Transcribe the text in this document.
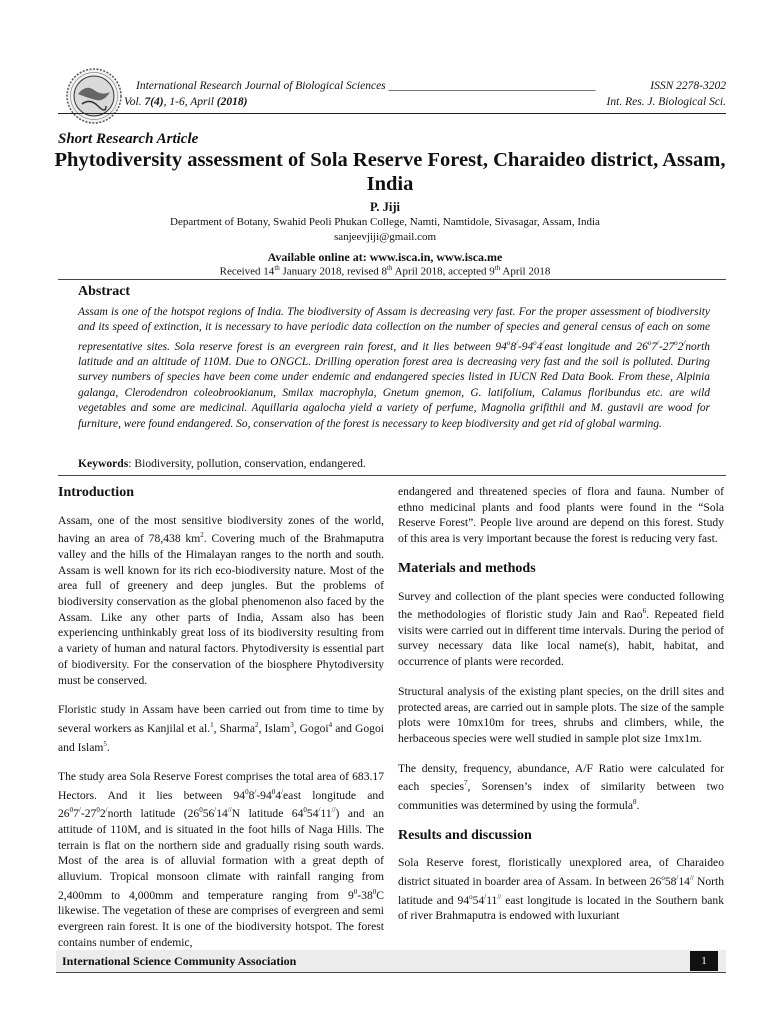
International Research Journal of Biological Sciences ____________________________________	ISSN 2278-3202
Vol. 7(4), 1-6, April (2018)	Int. Res. J. Biological Sci.
Short Research Article
Phytodiversity assessment of Sola Reserve Forest, Charaideo district, Assam, India
P. Jiji
Department of Botany, Swahid Peoli Phukan College, Namti, Namtidole, Sivasagar, Assam, India
sanjeevjiji@gmail.com
Available online at: www.isca.in, www.isca.me
Received 14th January 2018, revised 8th April 2018, accepted 9th April 2018
Abstract
Assam is one of the hotspot regions of India. The biodiversity of Assam is decreasing very fast. For the proper assessment of biodiversity and its speed of extinction, it is necessary to have periodic data collection on the number of species and general census of each on some representative sites. Sola reserve forest is an evergreen rain forest, and it lies between 94$^o$8/-94$^o$4/east longitude and 26$^o$7/-27$^o$2/north latitude and an altitude of 110M. Due to ONGCL. Drilling operation forest area is decreasing very fast and the soil is polluted. During survey numbers of species have been come under endemic and endangered species listed in IUCN Red Data Book. From these, Alpinia galanga, Clerodendron coleobrookianum, Smilax macrophyla, Gnetum gnemon, G. latifolium, Calamus floribundus etc. are wild vegetables and some are medicinal. Aquillaria agalocha yield a variety of perfume, Magnolia grifithii and M. gustavii are wood for furniture, were found endangered. So, conservation of the forest is necessary to keep biodiversity and get rid of global warming.
Keywords: Biodiversity, pollution, conservation, endangered.
Introduction

Assam, one of the most sensitive biodiversity zones of the world, having an area of 78,438 $km^2$. Covering much of the Brahmaputra valley and the hills of the Himalayan ranges to the north and south. Assam is well known for its rich eco-biodiversity nature. Most of the area full of greenery and deep jungles. But the problems of biodiversity conservation as the global phenomenon also faced by the Assam. Like any other parts of India, Assam also has been experiencing unthinkably great loss of its biodiversity resulting from a variety of human and natural factors. Phytodiversity is essential part of biodiversity. For the conservation of the biosphere Phytodiversity must be conserved.

Floristic study in Assam have been carried out from time to time by several workers as Kanjilal et al.$^1$, Sharma$^2$, Islam$^3$, Gogoi$^4$ and Gogoi and Islam$^5$.

The study area Sola Reserve Forest comprises the total area of 683.17 Hectors. And it lies between $94^08^/-94^04^/east$ longitude and $26^07^/-27^02^/north$ latitude ($26^056^/14^{//}N$ latitude $64^054^/11^{//}$) and an attitude of 110M, and is situated in the foot hills of Naga Hills. The terrain is flat on the northern side and gradually rising south wards. Most of the area is of alluvial formation with a great depth of alluvium. Tropical monsoon climate with rainfall ranging from 2,400mm to 4,000mm and temperature ranging from $9^0-38^0C$ likewise. The vegetation of these are comprises of evergreen and semi evergreen rain forest. It is one of the biodiversity hotspot. The forest contains number of endemic,

endangered and threatened species of flora and fauna. Number of ethno medicinal plants and food plants were found in the “Sola Reserve Forest”. People live around are depend on this forest. Study of this area is very important because the forest is reducing very fast.

Materials and methods

Survey and collection of the plant species were conducted following the methodologies of floristic study Jain and Rao$^6$. Repeated field visits were carried out in different time intervals. During the period of survey necessary data like local name(s), habit, habitat, and occurrence of plants were recorded.

Structural analysis of the existing plant species, on the drill sites and protected areas, are carried out in sample plots. The size of the sample plots were 10mx10m for trees, shrubs and climbers, while, the herbaceous species were well studied in sample plot size 1mx1m.

The density, frequency, abundance, A/F Ratio were calculated for each species$^7$, Sorensen’s index of similarity between two communities was determined by using the formula$^8$.

Results and discussion

Sola Reserve forest, floristically unexplored area, of Charaideo district situated in boarder area of Assam. In between 26$^o$58/14// North latitude and 94$^o$54/11// east longitude is located in the Southern bank of river Brahmaputra is endowed with luxuriant

International Science Community Association	1
